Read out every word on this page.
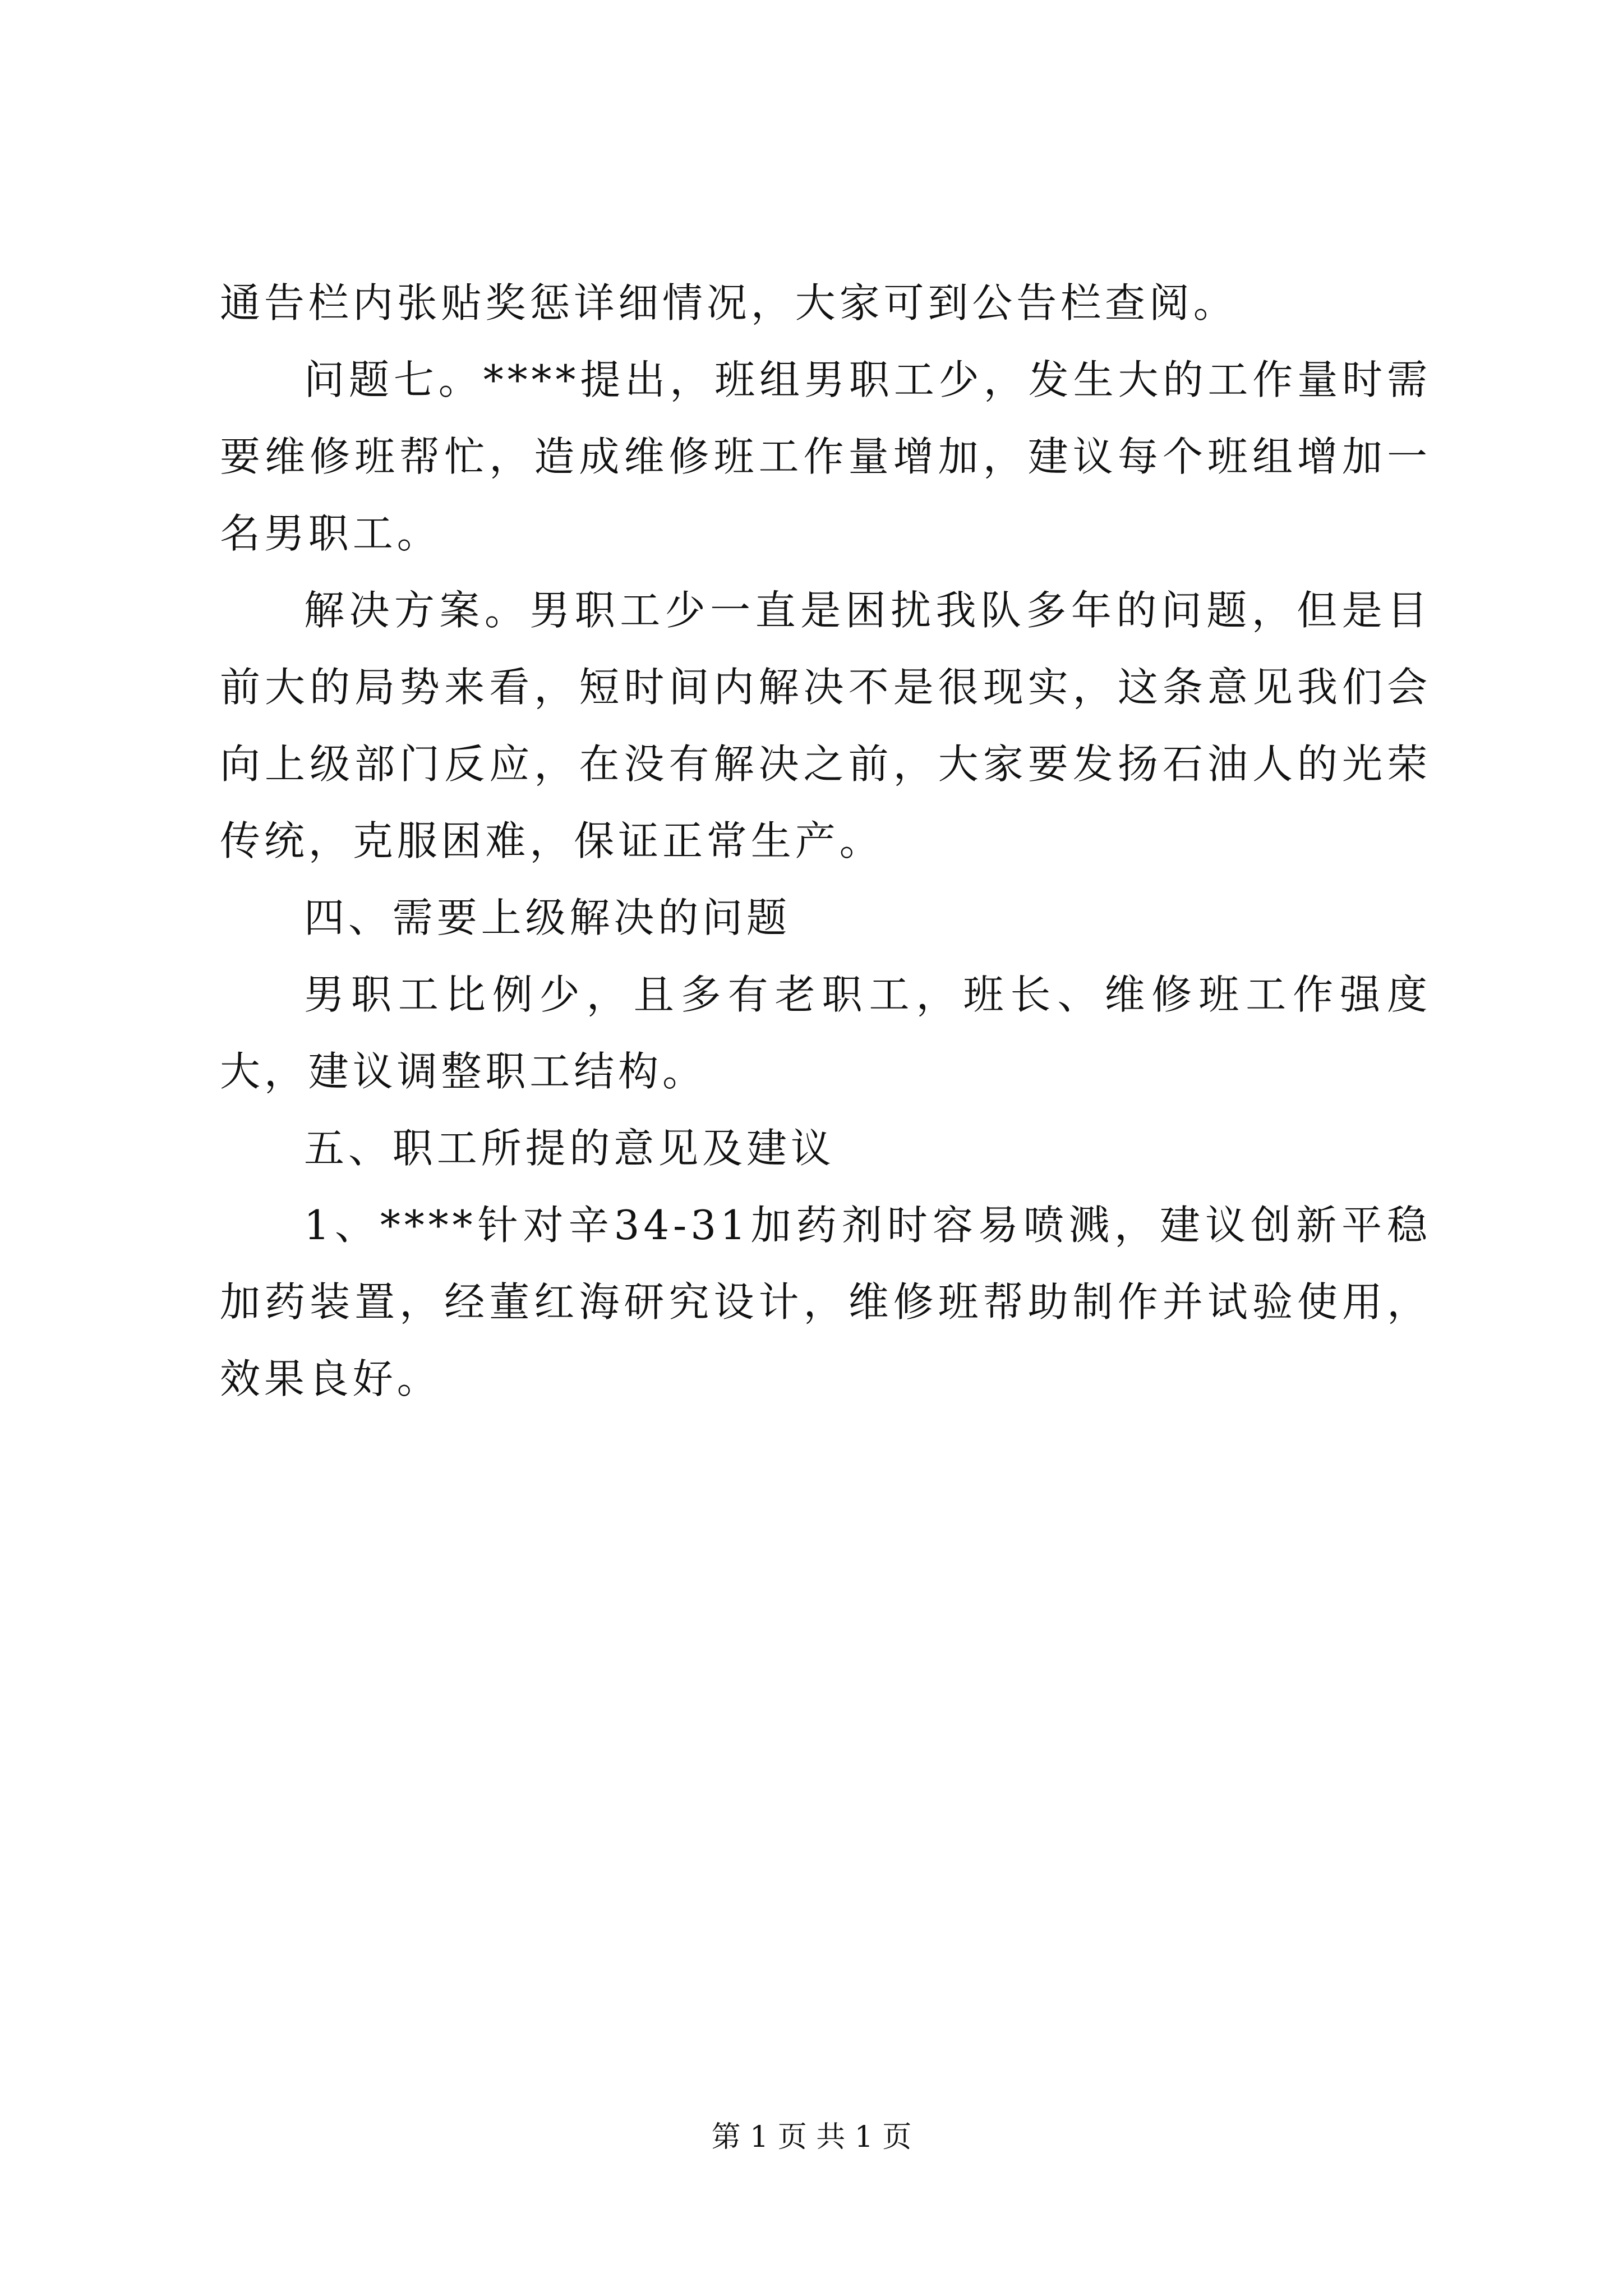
通告栏内张贴奖惩详细情况，大家可到公告栏查阅。

问题七。****提出，班组男职工少，发生大的工作量时需要维修班帮忙，造成维修班工作量增加，建议每个班组增加一名男职工。

解决方案。男职工少一直是困扰我队多年的问题，但是目前大的局势来看，短时间内解决不是很现实，这条意见我们会向上级部门反应，在没有解决之前，大家要发扬石油人的光荣传统，克服困难，保证正常生产。

四、需要上级解决的问题

男职工比例少，且多有老职工，班长、维修班工作强度大，建议调整职工结构。

五、职工所提的意见及建议

1、****针对辛34-31加药剂时容易喷溅，建议创新平稳加药装置，经董红海研究设计，维修班帮助制作并试验使用，效果良好。

第 1 页 共 1 页
